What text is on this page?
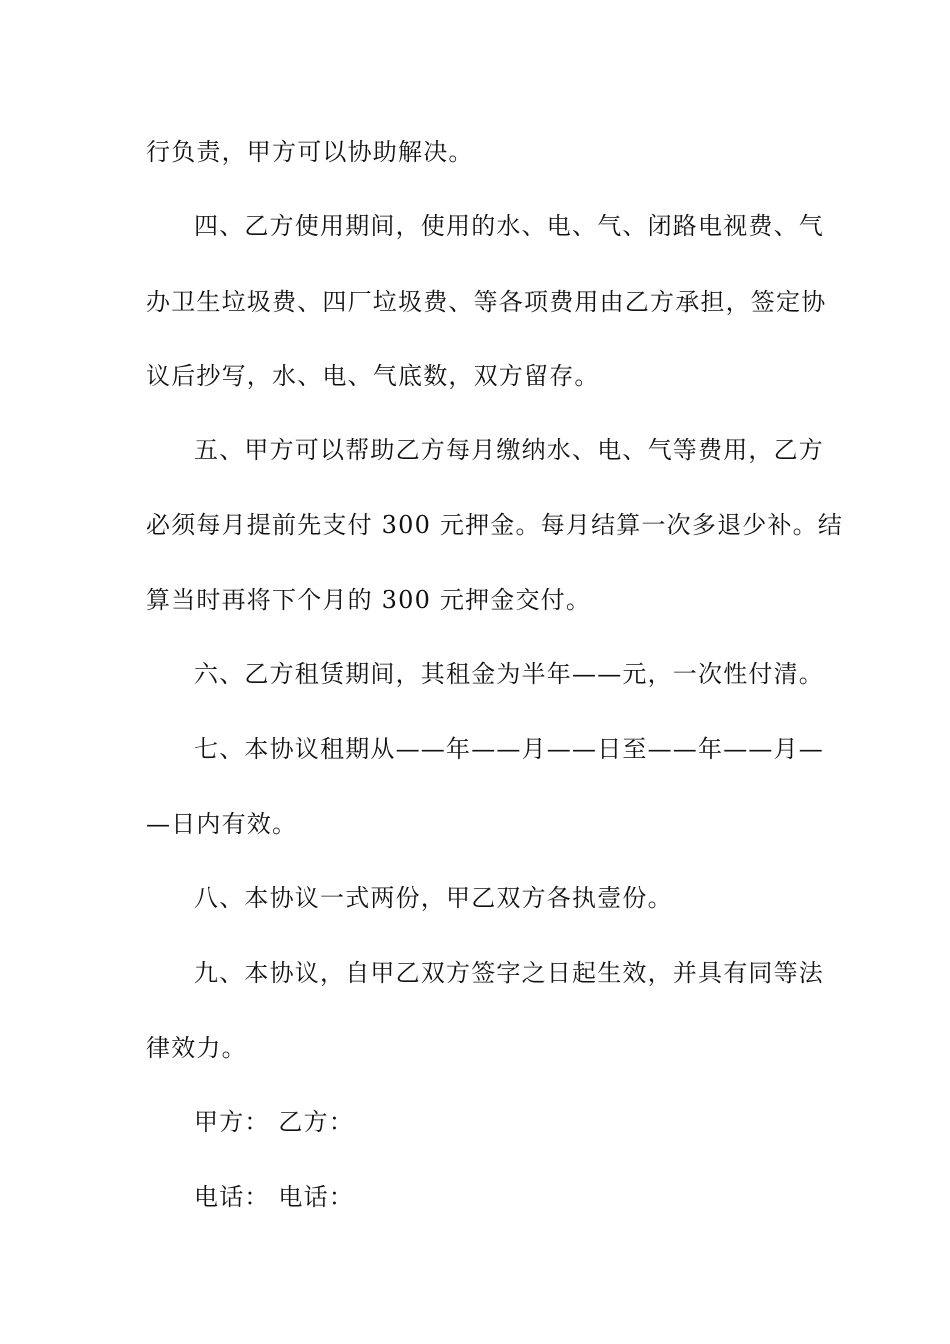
行负责，甲方可以协助解决。
四、乙方使用期间，使用的水、电、气、闭路电视费、气
办卫生垃圾费、四厂垃圾费、等各项费用由乙方承担，签定协
议后抄写，水、电、气底数，双方留存。
五、甲方可以帮助乙方每月缴纳水、电、气等费用，乙方
必须每月提前先支付 300 元押金。每月结算一次多退少补。结
算当时再将下个月的 300 元押金交付。
六、乙方租赁期间，其租金为半年——元，一次性付清。
七、本协议租期从——年——月——日至——年——月—
—日内有效。
八、本协议一式两份，甲乙双方各执壹份。
九、本协议，自甲乙双方签字之日起生效，并具有同等法
律效力。
甲方： 乙方：
电话： 电话：
